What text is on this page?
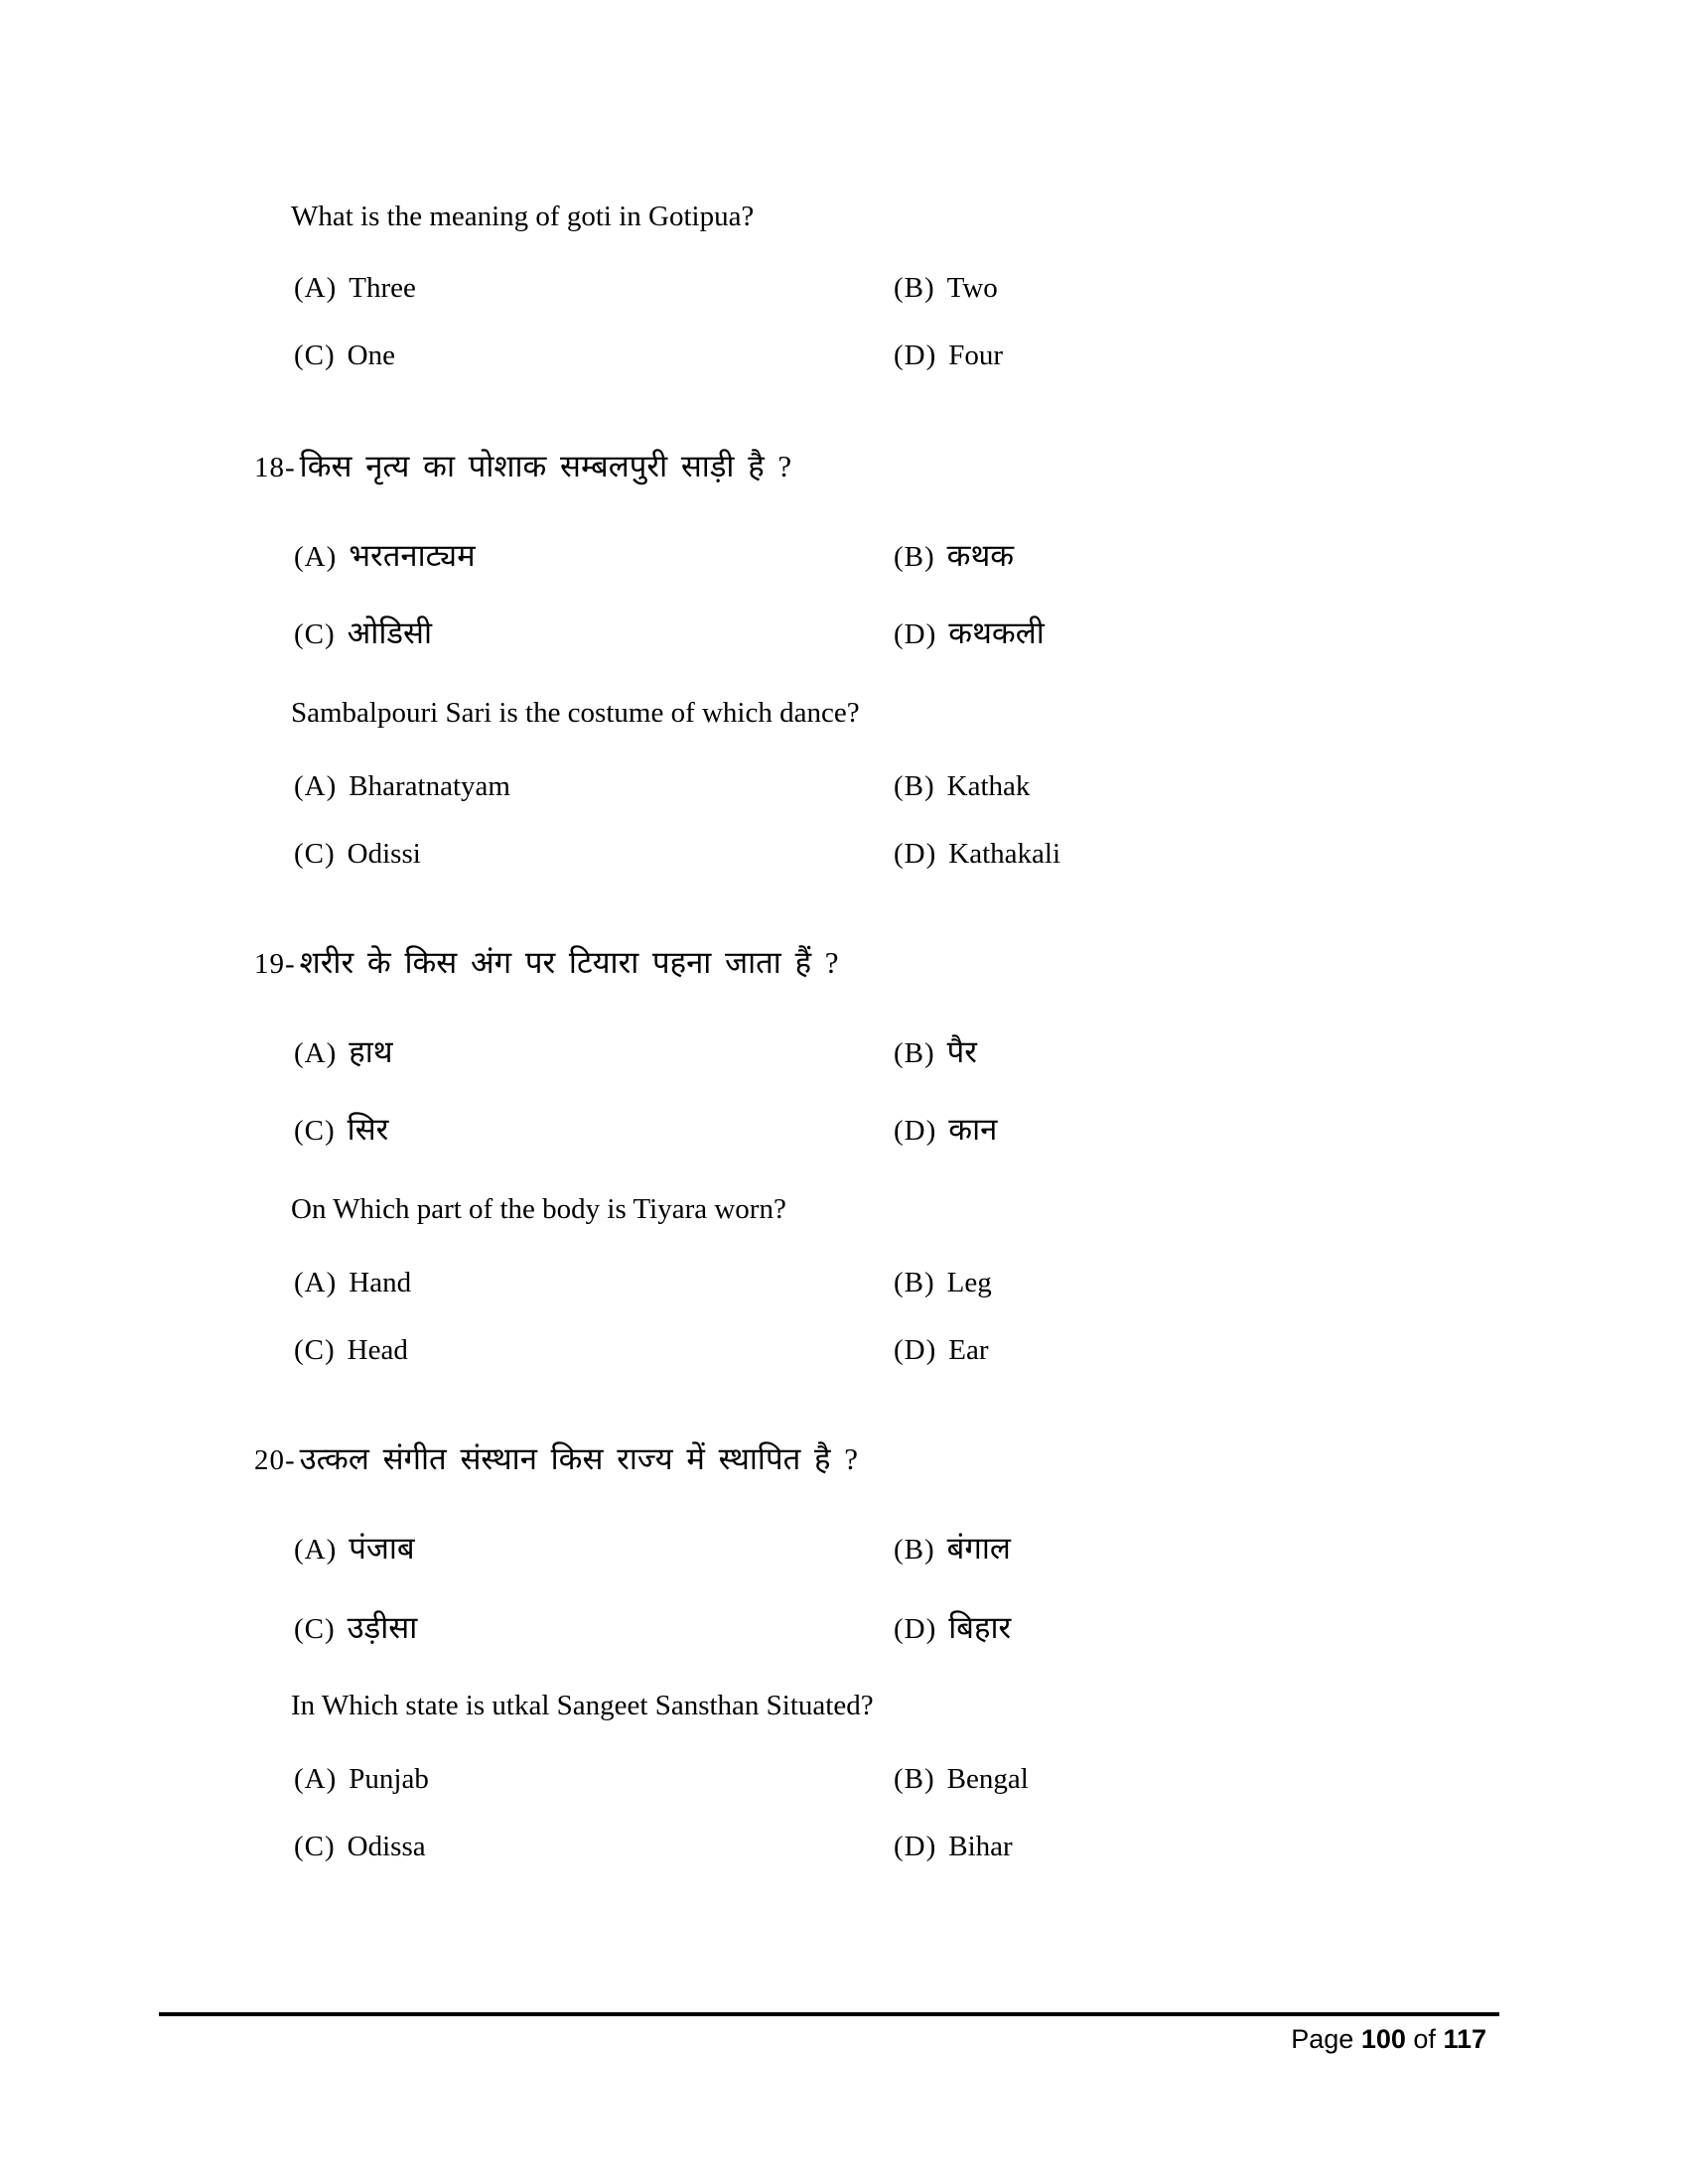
What is the meaning of goti in Gotipua?
(A) Three	(B) Two
(C) One	(D) Four
18- किस नृत्य का पोशाक सम्बलपुरी साड़ी है ?
(A) भरतनाट्यम	(B) कथक
(C) ओडिसी	(D) कथकली
Sambalpouri Sari is the costume of which dance?
(A) Bharatnatyam	(B) Kathak
(C) Odissi	(D) Kathakali
19- शरीर के किस अंग पर टियारा पहना जाता हैं ?
(A) हाथ	(B) पैर
(C) सिर	(D) कान
On Which part of the body is Tiyara worn?
(A) Hand	(B) Leg
(C) Head	(D) Ear
20- उत्कल संगीत संस्थान किस राज्य में स्थापित है ?
(A) पंजाब	(B) बंगाल
(C) उड़ीसा	(D) बिहार
In Which state is utkal Sangeet Sansthan Situated?
(A) Punjab	(B) Bengal
(C) Odissa	(D) Bihar
Page 100 of 117
